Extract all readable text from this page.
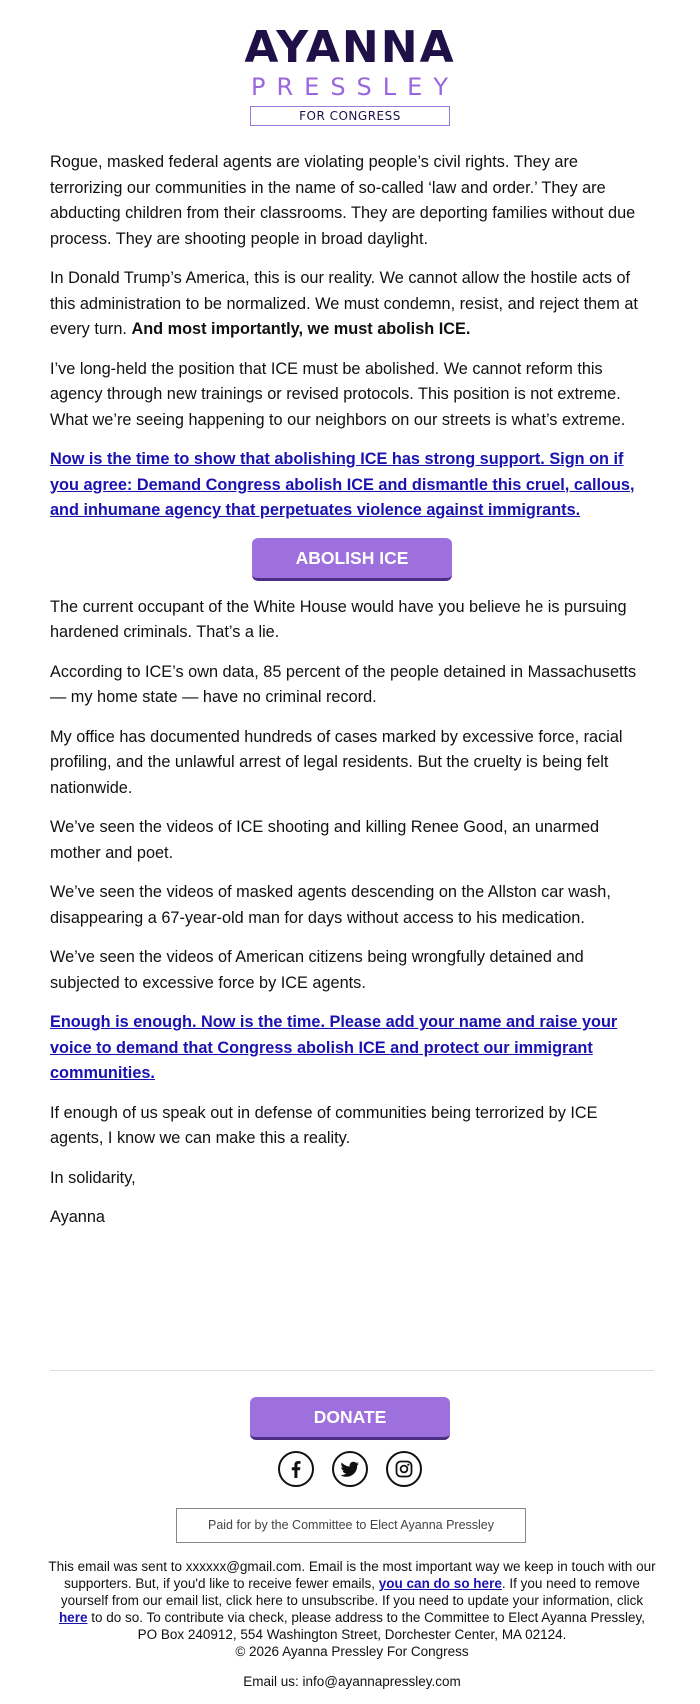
AYANNA
PRESSLEY
FOR CONGRESS

Rogue, masked federal agents are violating people’s civil rights. They are terrorizing our communities in the name of so-called ‘law and order.’ They are abducting children from their classrooms. They are deporting families without due process. They are shooting people in broad daylight.

In Donald Trump’s America, this is our reality. We cannot allow the hostile acts of this administration to be normalized. We must condemn, resist, and reject them at every turn. And most importantly, we must abolish ICE.

I’ve long-held the position that ICE must be abolished. We cannot reform this agency through new trainings or revised protocols. This position is not extreme. What we’re seeing happening to our neighbors on our streets is what’s extreme.

Now is the time to show that abolishing ICE has strong support. Sign on if you agree: Demand Congress abolish ICE and dismantle this cruel, callous, and inhumane agency that perpetuates violence against immigrants.

ABOLISH ICE

The current occupant of the White House would have you believe he is pursuing hardened criminals. That’s a lie.

According to ICE’s own data, 85 percent of the people detained in Massachusetts — my home state — have no criminal record.

My office has documented hundreds of cases marked by excessive force, racial profiling, and the unlawful arrest of legal residents. But the cruelty is being felt nationwide.

We’ve seen the videos of ICE shooting and killing Renee Good, an unarmed mother and poet.

We’ve seen the videos of masked agents descending on the Allston car wash, disappearing a 67-year-old man for days without access to his medication.

We’ve seen the videos of American citizens being wrongfully detained and subjected to excessive force by ICE agents.

Enough is enough. Now is the time. Please add your name and raise your voice to demand that Congress abolish ICE and protect our immigrant communities.

If enough of us speak out in defense of communities being terrorized by ICE agents, I know we can make this a reality.

In solidarity,

Ayanna

DONATE

Paid for by the Committee to Elect Ayanna Pressley
This email was sent to xxxxxx@gmail.com. Email is the most important way we keep in touch with our supporters. But, if you'd like to receive fewer emails, you can do so here. If you need to remove yourself from our email list, click here to unsubscribe. If you need to update your information, click here to do so. To contribute via check, please address to the Committee to Elect Ayanna Pressley, PO Box 240912, 554 Washington Street, Dorchester Center, MA 02124.
© 2026 Ayanna Pressley For Congress
Email us: info@ayannapressley.com
